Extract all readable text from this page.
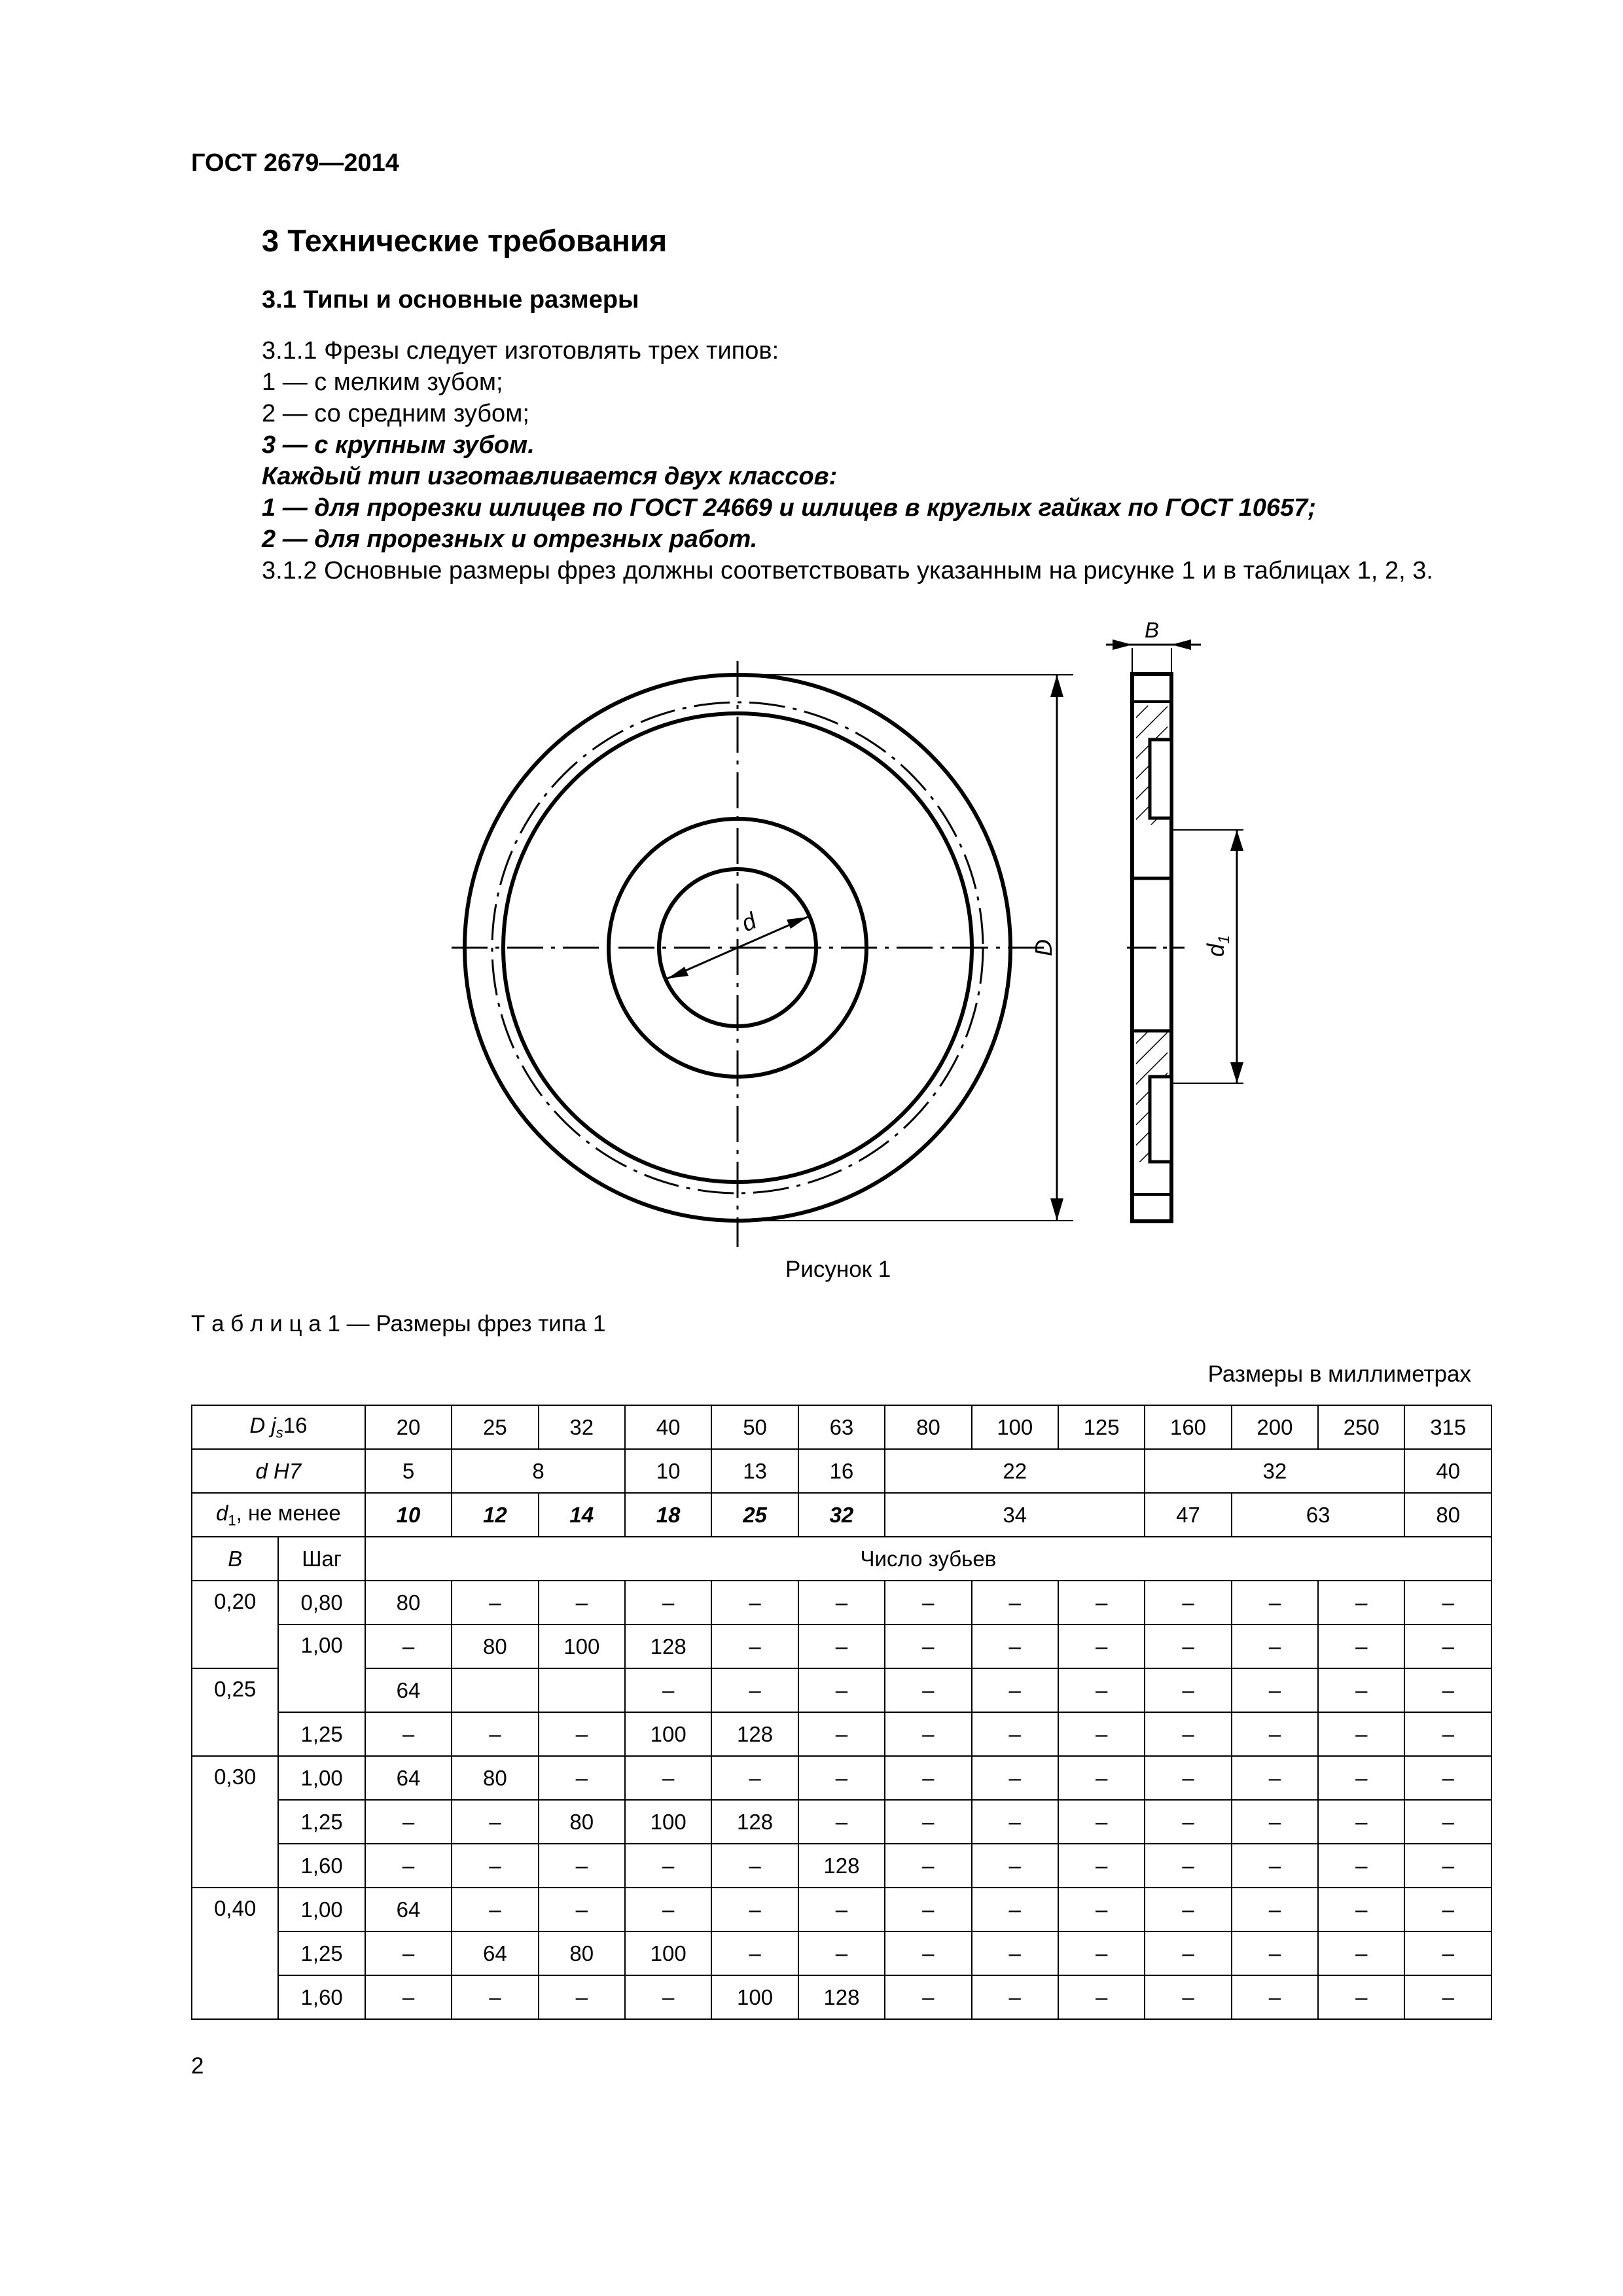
ГОСТ 2679—2014
3 Технические требования
3.1 Типы и основные размеры
3.1.1 Фрезы следует изготовлять трех типов:
1 — с мелким зубом;
2 — со средним зубом;
3 — с крупным зубом.
Каждый тип изготавливается двух классов:
1 — для прорезки шлицев по ГОСТ 24669 и шлицев в круглых гайках по ГОСТ 10657;
2 — для прорезных и отрезных работ.
3.1.2 Основные размеры фрез должны соответствовать указанным на рисунке 1 и в таблицах 1, 2, 3.
d
D
B
$d_1$
Рисунок 1
Т а б л и ц а 1 — Размеры фрез типа 1
Размеры в миллиметрах
D $j_s16$		20	25	32	40	50	63	80	100	125	160	200	250	315
d H7		5	8		10	13	16	22			32			40
$d_1$, не менее		10	12	14	18	25	32	34			47	63		80
B	Шаг	Число зубьев												
0,20	0,80	80	–	–	–	–	–	–	–	–	–	–	–	–
	1,00	–	80	100	128	–	–	–	–	–	–	–	–	–
0,25		64			–	–	–	–	–	–	–	–	–	–
	1,25	–	–	–	100	128	–	–	–	–	–	–	–	–
0,30	1,00	64	80	–	–	–	–	–	–	–	–	–	–	–
	1,25	–	–	80	100	128	–	–	–	–	–	–	–	–
	1,60	–	–	–	–	–	128	–	–	–	–	–	–	–
0,40	1,00	64	–	–	–	–	–	–	–	–	–	–	–	–
	1,25	–	64	80	100	–	–	–	–	–	–	–	–	–
	1,60	–	–	–	–	100	128	–	–	–	–	–	–	–
2
